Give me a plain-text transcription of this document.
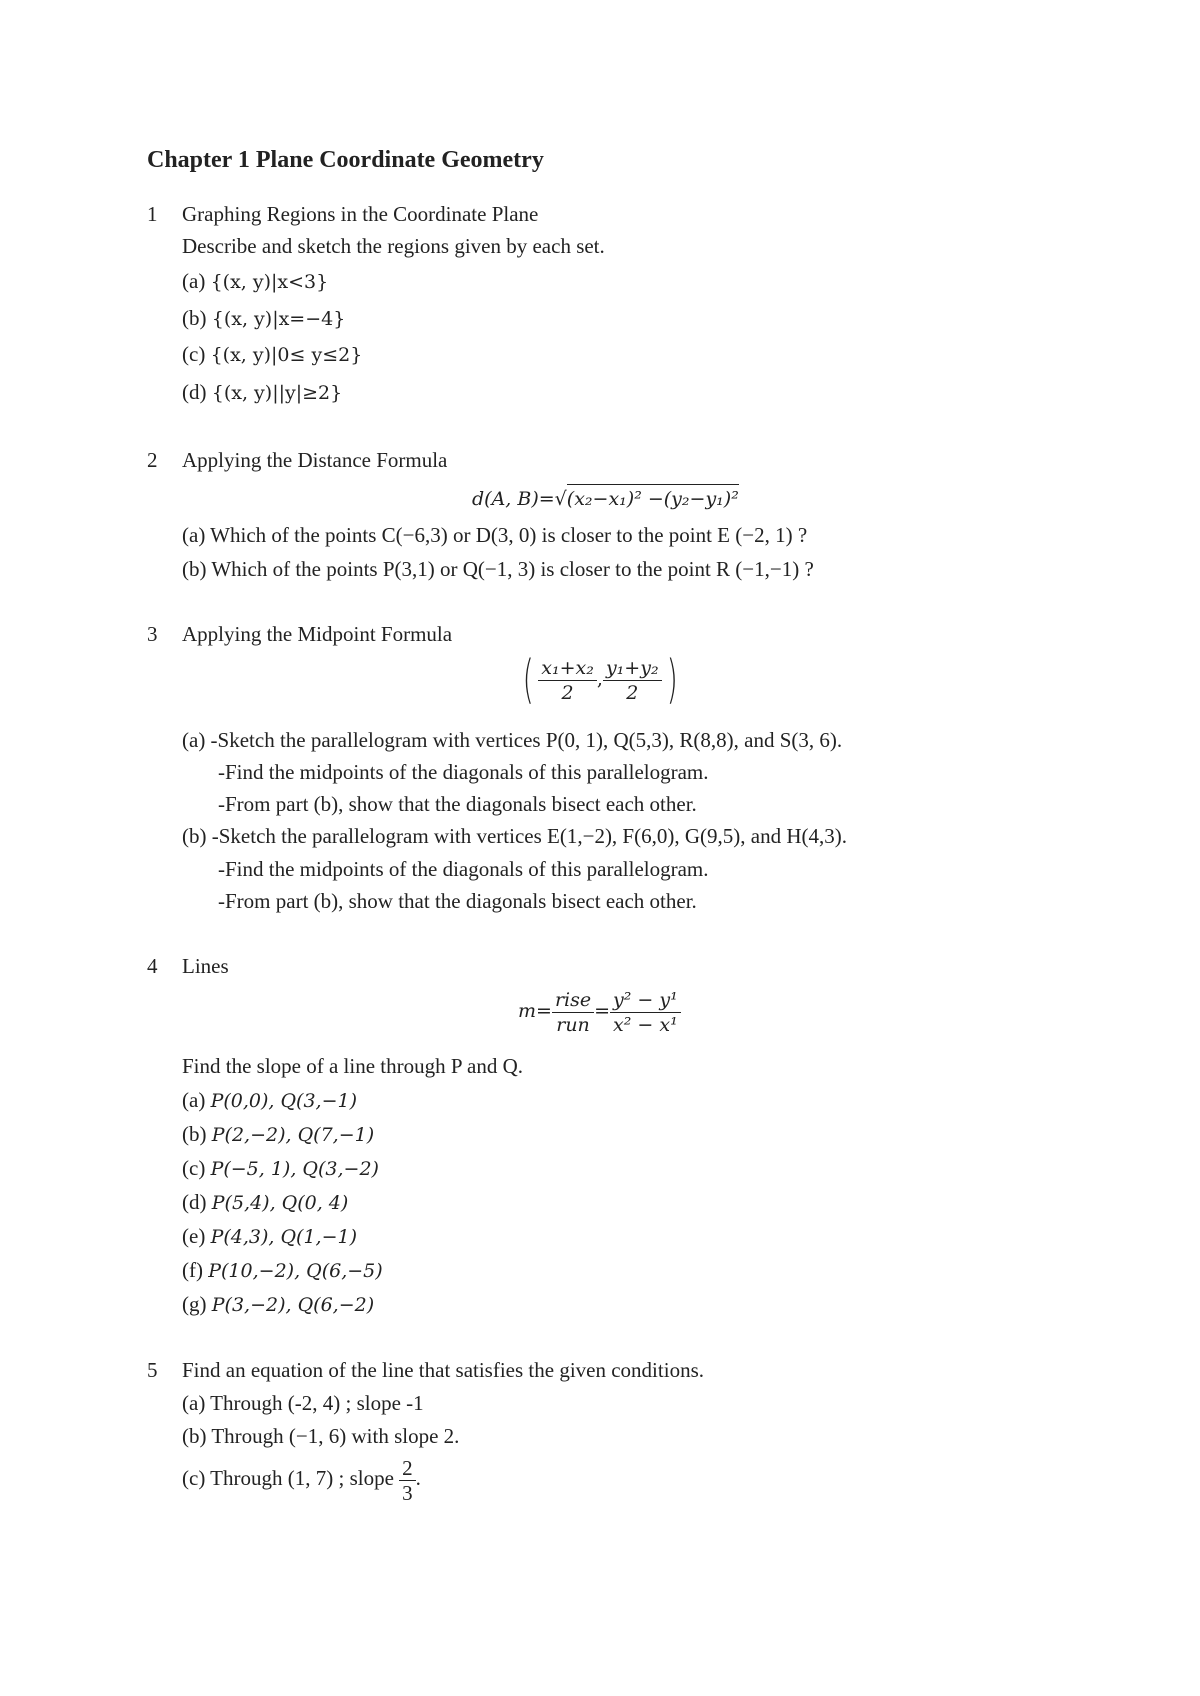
Chapter 1 Plane Coordinate Geometry
1 Graphing Regions in the Coordinate Plane
Describe and sketch the regions given by each set.
(a) {(x, y)|x<3}
(b) {(x, y)|x=−4}
(c) {(x, y)|0≤ y≤2}
(d) {(x, y)||y|≥2}
2 Applying the Distance Formula
d(A, B)=√(x₂−x₁)² −(y₂−y₁)²
(a) Which of the points C(−6,3) or D(3, 0) is closer to the point E (−2, 1) ?
(b) Which of the points P(3,1) or Q(−1, 3) is closer to the point R (−1,−1) ?
3 Applying the Midpoint Formula
( $\frac{\text{x₁+x₂}}{2}$ , $\frac{\text{y₁+y₂}}{2}$ )
(a) -Sketch the parallelogram with vertices P(0, 1), Q(5,3), R(8,8), and S(3, 6).
-Find the midpoints of the diagonals of this parallelogram.
-From part (b), show that the diagonals bisect each other.
(b) -Sketch the parallelogram with vertices E(1,−2), F(6,0), G(9,5), and H(4,3).
-Find the midpoints of the diagonals of this parallelogram.
-From part (b), show that the diagonals bisect each other.
4 Lines
$m= \frac{\text{rise}}{\text{run}} = \frac{\text{y² − y¹}}{\text{x² − x¹}}$
Find the slope of a line through P and Q.
(a) P(0,0), Q(3,−1)
(b) P(2,−2), Q(7,−1)
(c) P(−5, 1), Q(3,−2)
(d) P(5,4), Q(0, 4)
(e) P(4,3), Q(1,−1)
(f) P(10,−2), Q(6,−5)
(g) P(3,−2), Q(6,−2)
5 Find an equation of the line that satisfies the given conditions.
(a) Through (-2, 4) ; slope -1
(b) Through (−1, 6) with slope 2.
(c) Through (1, 7) ; slope $\frac{2}{3}$ .
